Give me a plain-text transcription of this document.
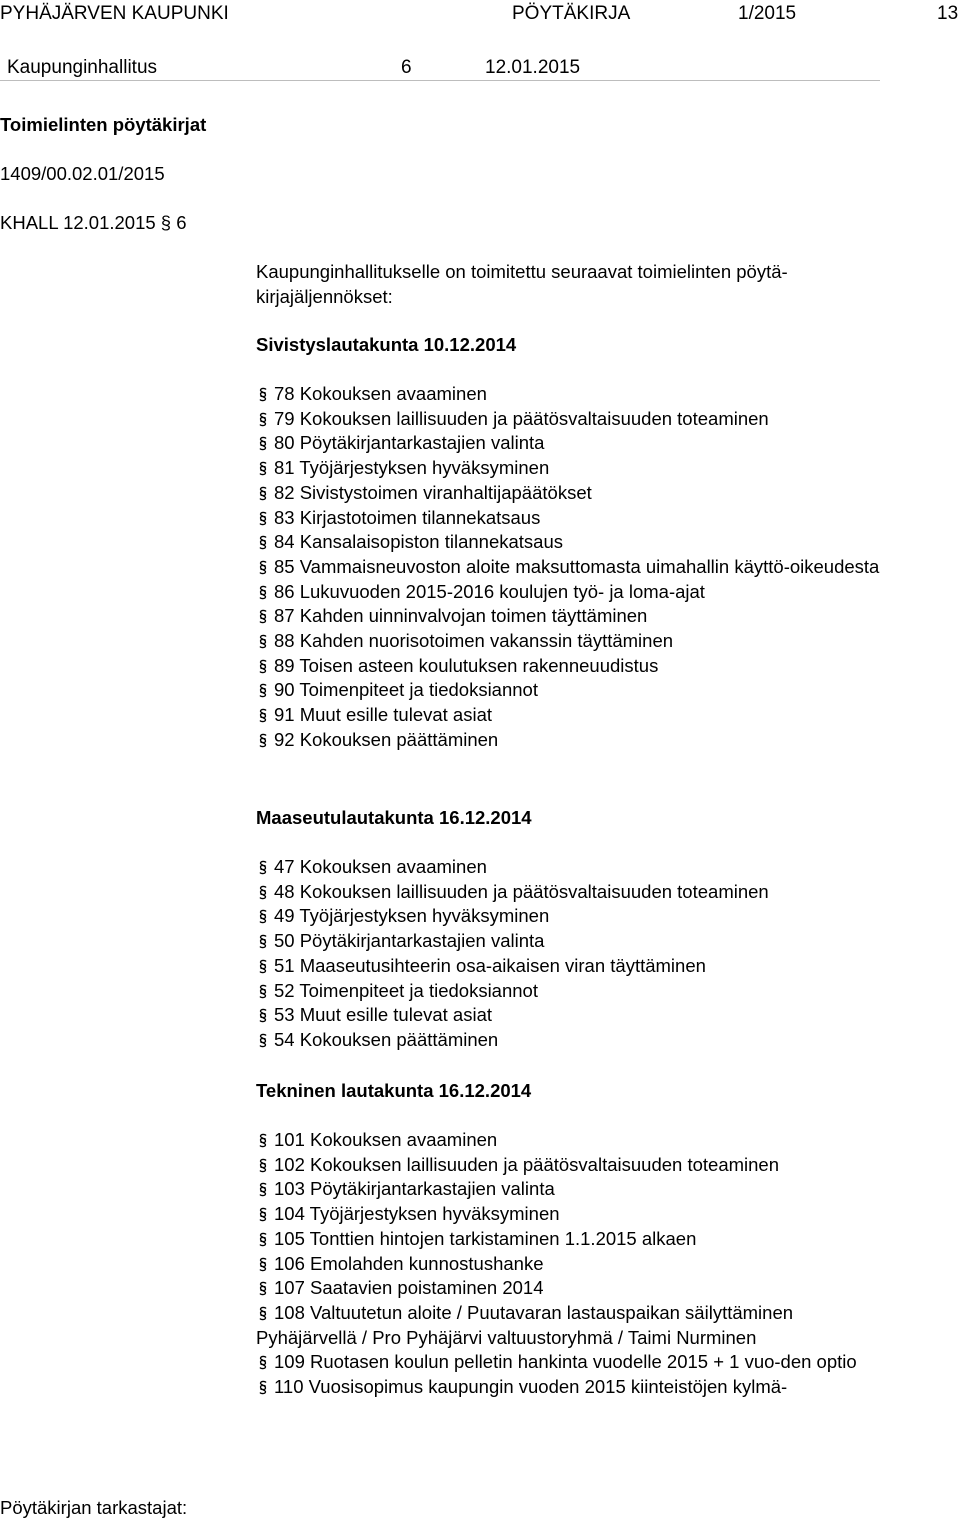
PYHÄJÄRVEN KAUPUNKI	PÖYTÄKIRJA	1/2015	13
Kaupunginhallitus	6	12.01.2015
Toimielinten pöytäkirjat
1409/00.02.01/2015
KHALL 12.01.2015 § 6
Kaupunginhallitukselle on toimitettu seuraavat toimielinten pöytä-
kirjajäljennökset:
Sivistyslautakunta 10.12.2014
78 Kokouksen avaaminen
79 Kokouksen laillisuuden ja päätösvaltaisuuden toteaminen
80 Pöytäkirjantarkastajien valinta
81 Työjärjestyksen hyväksyminen
82 Sivistystoimen viranhaltijapäätökset
83 Kirjastotoimen tilannekatsaus
84 Kansalaisopiston tilannekatsaus
85 Vammaisneuvoston aloite maksuttomasta uimahallin käyttö-oikeudesta
86 Lukuvuoden 2015-2016 koulujen työ- ja loma-ajat
87 Kahden uinninvalvojan toimen täyttäminen
88 Kahden nuorisotoimen vakanssin täyttäminen
89 Toisen asteen koulutuksen rakenneuudistus
90 Toimenpiteet ja tiedoksiannot
91 Muut esille tulevat asiat
92 Kokouksen päättäminen
Maaseutulautakunta 16.12.2014
47 Kokouksen avaaminen
48 Kokouksen laillisuuden ja päätösvaltaisuuden toteaminen
49 Työjärjestyksen hyväksyminen
50 Pöytäkirjantarkastajien valinta
51 Maaseutusihteerin osa-aikaisen viran täyttäminen
52 Toimenpiteet ja tiedoksiannot
53 Muut esille tulevat asiat
54 Kokouksen päättäminen
Tekninen lautakunta 16.12.2014
101 Kokouksen avaaminen
102 Kokouksen laillisuuden ja päätösvaltaisuuden toteaminen
103 Pöytäkirjantarkastajien valinta
104 Työjärjestyksen hyväksyminen
105 Tonttien hintojen tarkistaminen 1.1.2015 alkaen
106 Emolahden kunnostushanke
107 Saatavien poistaminen 2014
108 Valtuutetun aloite / Puutavaran lastauspaikan säilyttäminen Pyhäjärvellä / Pro Pyhäjärvi valtuustoryhmä / Taimi Nurminen
109 Ruotasen koulun pelletin hankinta vuodelle 2015 + 1 vuo-den optio
110 Vuosisopimus kaupungin vuoden 2015 kiinteistöjen kylmä-
Pöytäkirjan tarkastajat:
